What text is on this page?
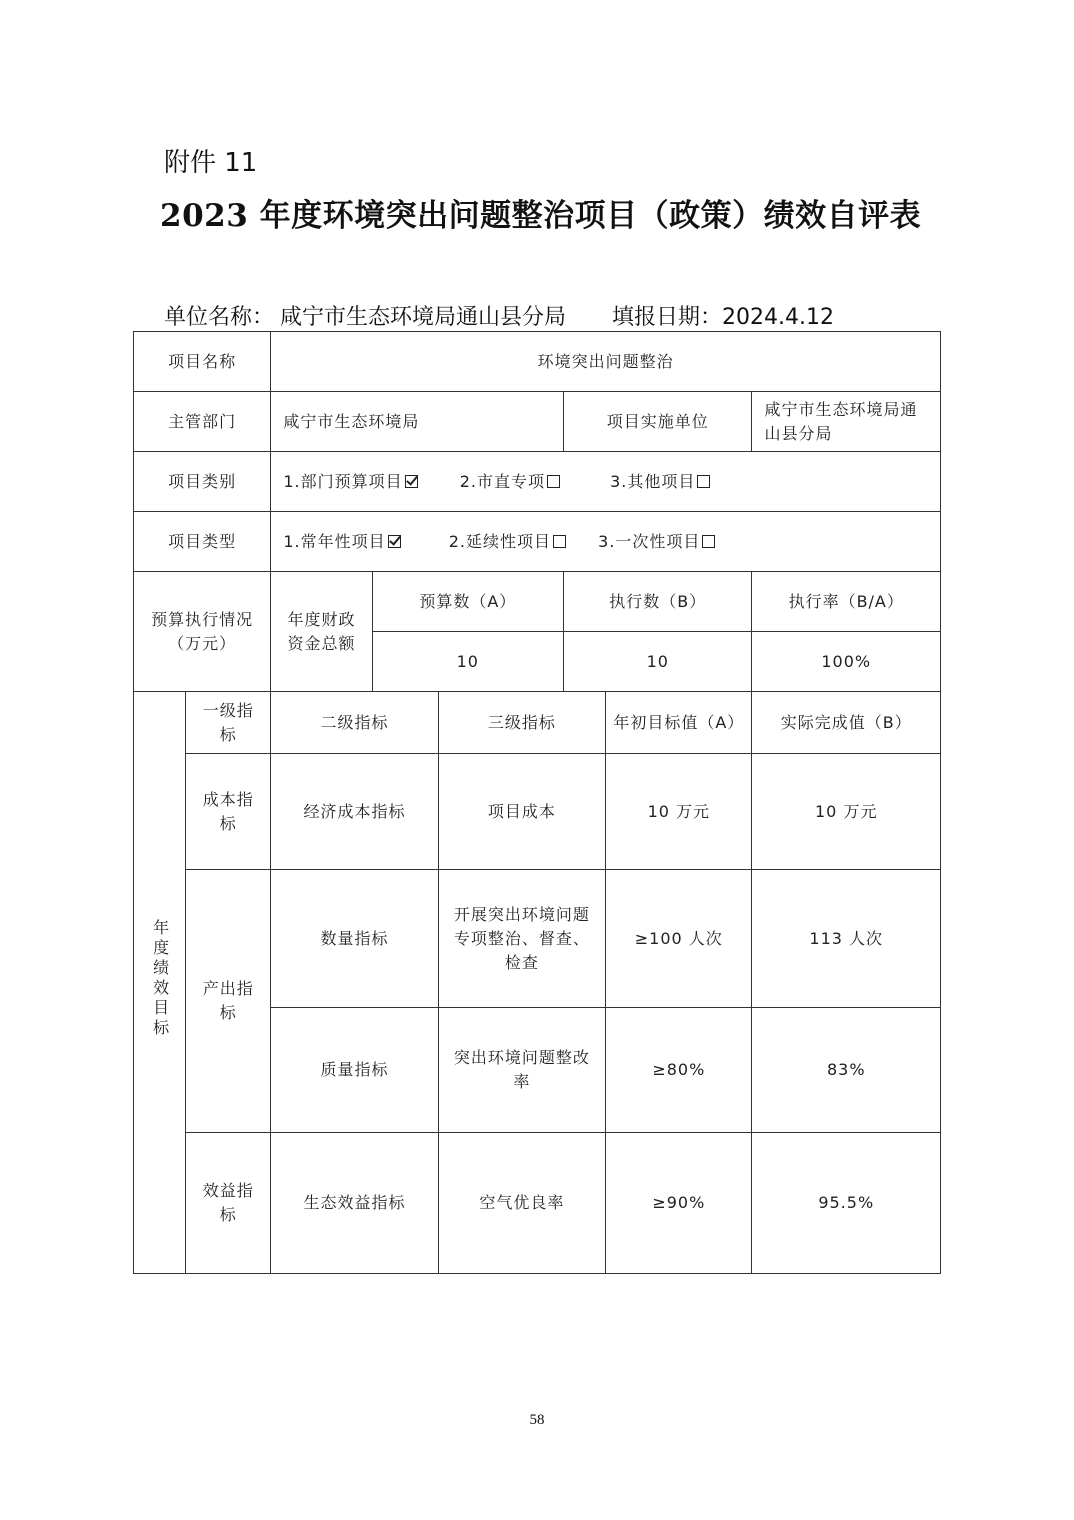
附件 11
2023 年度环境突出问题整治项目（政策）绩效自评表
单位名称： 咸宁市生态环境局通山县分局 填报日期：2024.4.12
项目名称		环境突出问题整治					
主管部门		咸宁市生态环境局			项目实施单位		咸宁市生态环境局通山县分局
项目类别		1.部门预算项目 2.市直专项 3.其他项目					
项目类型		1.常年性项目 2.延续性项目 3.一次性项目					
预算执行情况（万元）		年度财政资金总额	预算数（A）		执行数（B）		执行率（B/A）
			10		10		100%
年度绩效目标	一级指标	二级指标		三级指标		年初目标值（A）	实际完成值（B）
	成本指标	经济成本指标		项目成本		10 万元	10 万元
	产出指标	数量指标		开展突出环境问题专项整治、督查、检查		≥100 人次	113 人次
		质量指标		突出环境问题整改率		≥80%	83%
	效益指标	生态效益指标		空气优良率		≥90%	95.5%
58
